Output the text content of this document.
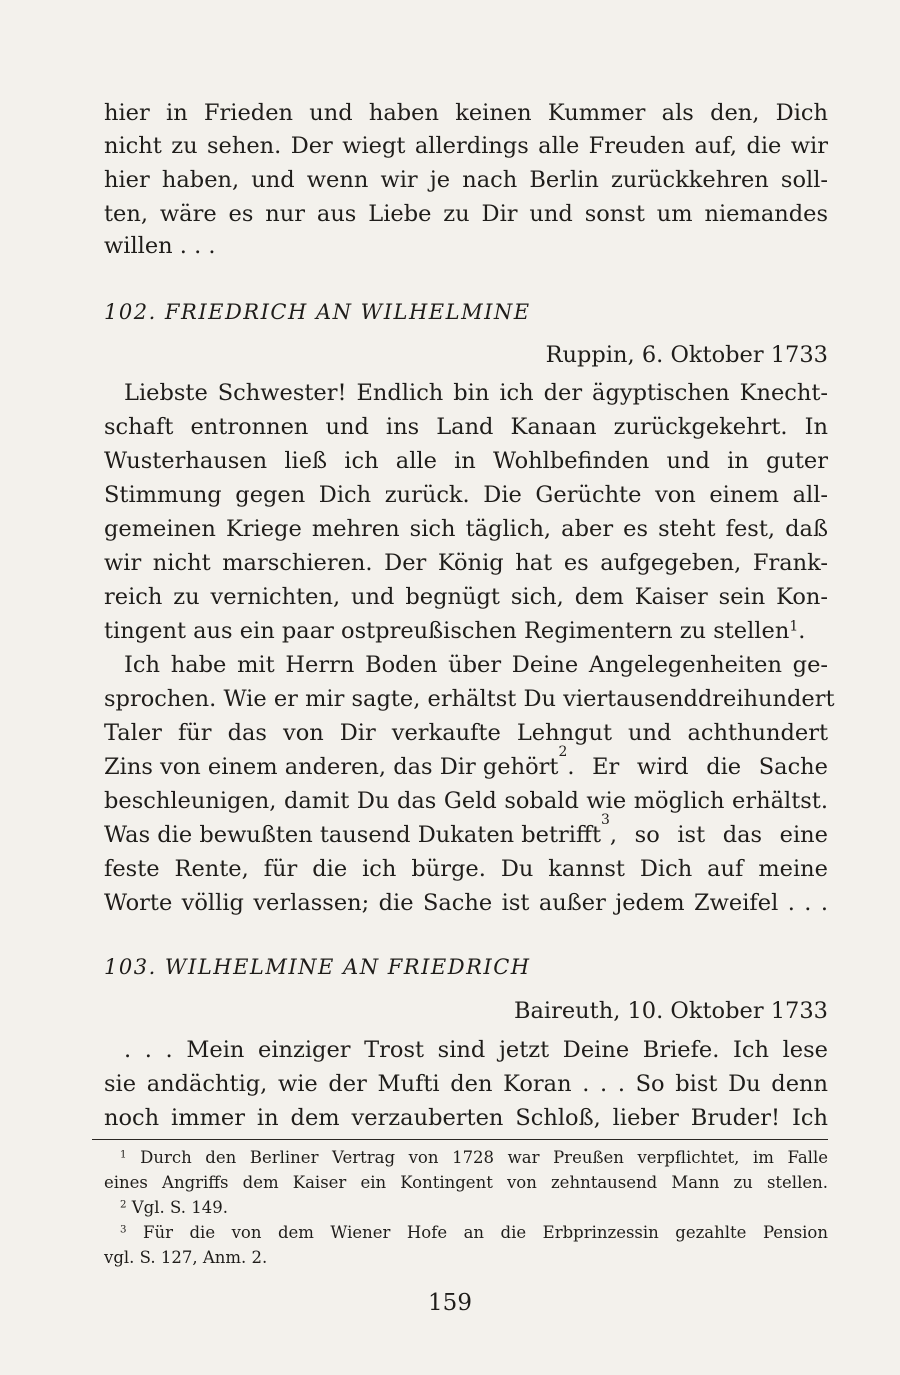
hier in Frieden und haben keinen Kummer als den, Dich
nicht zu sehen. Der wiegt allerdings alle Freuden auf, die wir
hier haben, und wenn wir je nach Berlin zurückkehren soll-
ten, wäre es nur aus Liebe zu Dir und sonst um niemandes
willen . . .
102. FRIEDRICH AN WILHELMINE
Ruppin, 6. Oktober 1733
Liebste Schwester! Endlich bin ich der ägyptischen Knecht-
schaft entronnen und ins Land Kanaan zurückgekehrt. In
Wusterhausen ließ ich alle in Wohlbefinden und in guter
Stimmung gegen Dich zurück. Die Gerüchte von einem all-
gemeinen Kriege mehren sich täglich, aber es steht fest, daß
wir nicht marschieren. Der König hat es aufgegeben, Frank-
reich zu vernichten, und begnügt sich, dem Kaiser sein Kon-
tingent aus ein paar ostpreußischen Regimentern zu stellen$^1$.
Ich habe mit Herrn Boden über Deine Angelegenheiten ge-
sprochen. Wie er mir sagte, erhältst Du viertausenddreihundert
Taler für das von Dir verkaufte Lehngut und achthundert
Zins von einem anderen, das Dir gehört
2
. Er wird die Sache
beschleunigen, damit Du das Geld sobald wie möglich erhältst.
Was die bewußten tausend Dukaten betrifft
3
, so ist das eine
feste Rente, für die ich bürge. Du kannst Dich auf meine
Worte völlig verlassen; die Sache ist außer jedem Zweifel . . .
103. WILHELMINE AN FRIEDRICH
Baireuth, 10. Oktober 1733
. . . Mein einziger Trost sind jetzt Deine Briefe. Ich lese
sie andächtig, wie der Mufti den Koran . . . So bist Du denn
noch immer in dem verzauberten Schloß, lieber Bruder! Ich
$^1$ Durch den Berliner Vertrag von 1728 war Preußen verpflichtet, im Falle
eines Angriffs dem Kaiser ein Kontingent von zehntausend Mann zu stellen.
$^2$ Vgl. S. 149.
$^3$ Für die von dem Wiener Hofe an die Erbprinzessin gezahlte Pension
vgl. S. 127, Anm. 2.
159
